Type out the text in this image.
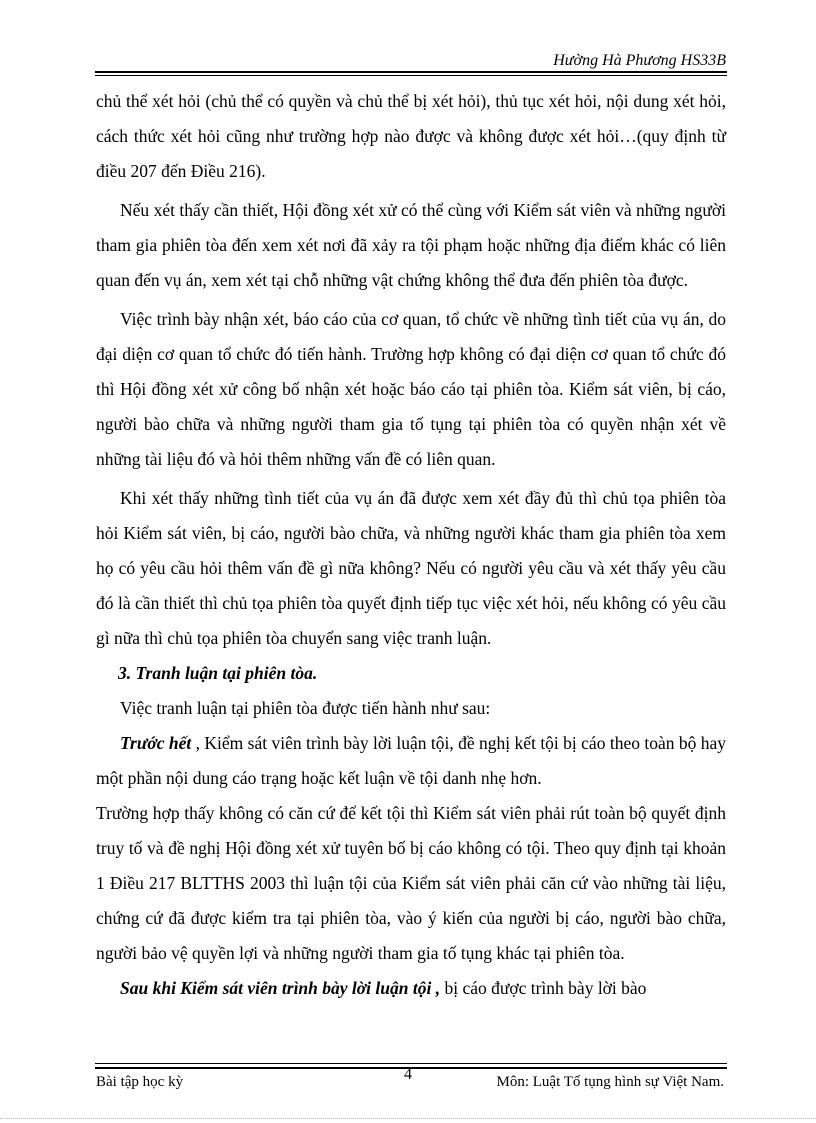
Hường Hà Phương HS33B

chủ thể xét hỏi (chủ thể có quyền và chủ thể bị xét hỏi), thủ tục xét hỏi, nội dung xét hỏi, cách thức xét hỏi cũng như trường hợp nào được và không được xét hỏi…(quy định từ điều 207 đến Điều 216).

Nếu xét thấy cần thiết, Hội đồng xét xử có thể cùng với Kiểm sát viên và những người tham gia phiên tòa đến xem xét nơi đã xảy ra tội phạm hoặc những địa điểm khác có liên quan đến vụ án, xem xét tại chỗ những vật chứng không thể đưa đến phiên tòa được.

Việc trình bày nhận xét, báo cáo của cơ quan, tổ chức về những tình tiết của vụ án, do đại diện cơ quan tổ chức đó tiến hành. Trường hợp không có đại diện cơ quan tổ chức đó thì Hội đồng xét xử công bố nhận xét hoặc báo cáo tại phiên tòa. Kiểm sát viên, bị cáo, người bào chữa và những người tham gia tố tụng tại phiên tòa có quyền nhận xét về những tài liệu đó và hỏi thêm những vấn đề có liên quan.

Khi xét thấy những tình tiết của vụ án đã được xem xét đầy đủ thì chủ tọa phiên tòa hỏi Kiểm sát viên, bị cáo, người bào chữa, và những người khác tham gia phiên tòa xem họ có yêu cầu hỏi thêm vấn đề gì nữa không? Nếu có người yêu cầu và xét thấy yêu cầu đó là cần thiết thì chủ tọa phiên tòa quyết định tiếp tục việc xét hỏi, nếu không có yêu cầu gì nữa thì chủ tọa phiên tòa chuyển sang việc tranh luận.

3. Tranh luận tại phiên tòa.

Việc tranh luận tại phiên tòa được tiến hành như sau:

Trước hết , Kiểm sát viên trình bày lời luận tội, đề nghị kết tội bị cáo theo toàn bộ hay một phần nội dung cáo trạng hoặc kết luận về tội danh nhẹ hơn.

Trường hợp thấy không có căn cứ để kết tội thì Kiểm sát viên phải rút toàn bộ quyết định truy tố và đề nghị Hội đồng xét xử tuyên bố bị cáo không có tội. Theo quy định tại khoản 1 Điều 217 BLTTHS 2003 thì luận tội của Kiểm sát viên phải căn cứ vào những tài liệu, chứng cứ đã được kiểm tra tại phiên tòa, vào ý kiến của người bị cáo, người bào chữa, người bảo vệ quyền lợi và những người tham gia tố tụng khác tại phiên tòa.

Sau khi Kiểm sát viên trình bày lời luận tội , bị cáo được trình bày lời bào

Bài tập học kỳ	4	Môn: Luật Tố tụng hình sự Việt Nam.
